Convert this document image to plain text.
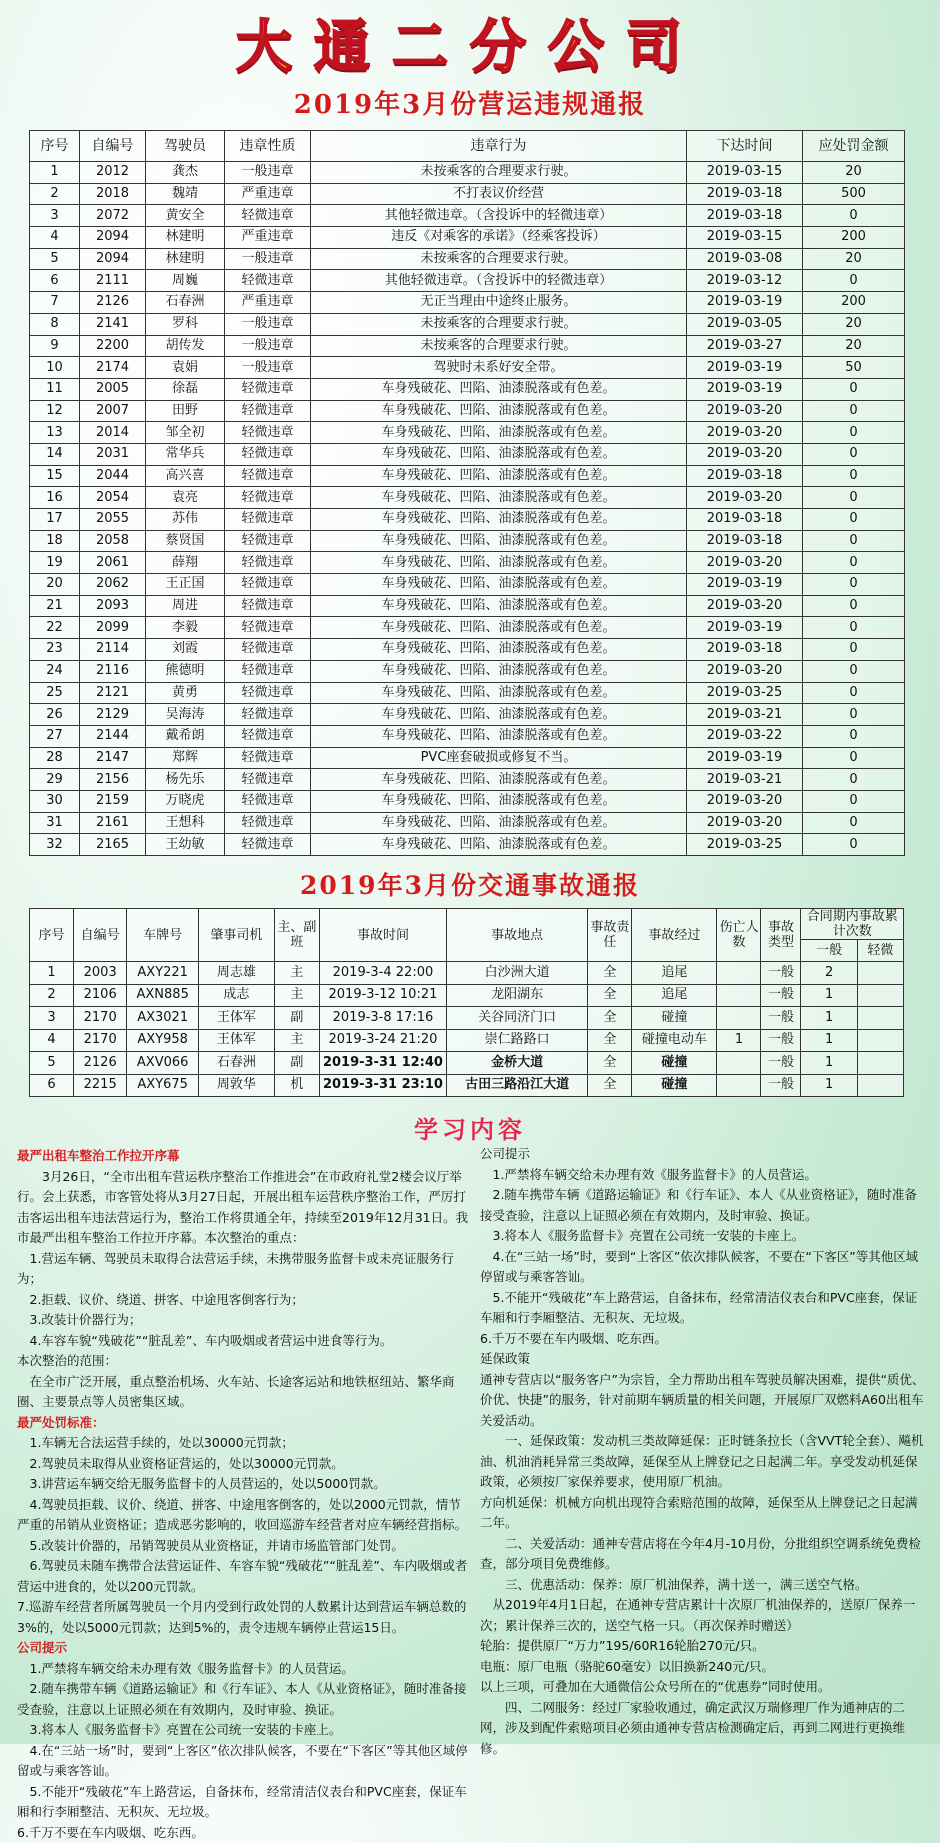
大通二分公司
2019年3月份营运违规通报
序号	自编号	驾驶员	违章性质	违章行为	下达时间	应处罚金额
1	2012	龚杰	一般违章	未按乘客的合理要求行驶。	2019-03-15	20
2	2018	魏靖	严重违章	不打表议价经营	2019-03-18	500
3	2072	黄安全	轻微违章	其他轻微违章。（含投诉中的轻微违章）	2019-03-18	0
4	2094	林建明	严重违章	违反《对乘客的承诺》（经乘客投诉）	2019-03-15	200
5	2094	林建明	一般违章	未按乘客的合理要求行驶。	2019-03-08	20
6	2111	周巍	轻微违章	其他轻微违章。（含投诉中的轻微违章）	2019-03-12	0
7	2126	石春洲	严重违章	无正当理由中途终止服务。	2019-03-19	200
8	2141	罗科	一般违章	未按乘客的合理要求行驶。	2019-03-05	20
9	2200	胡传发	一般违章	未按乘客的合理要求行驶。	2019-03-27	20
10	2174	袁娟	一般违章	驾驶时未系好安全带。	2019-03-19	50
11	2005	徐磊	轻微违章	车身残破花、凹陷、油漆脱落或有色差。	2019-03-19	0
12	2007	田野	轻微违章	车身残破花、凹陷、油漆脱落或有色差。	2019-03-20	0
13	2014	邹全初	轻微违章	车身残破花、凹陷、油漆脱落或有色差。	2019-03-20	0
14	2031	常华兵	轻微违章	车身残破花、凹陷、油漆脱落或有色差。	2019-03-20	0
15	2044	高兴喜	轻微违章	车身残破花、凹陷、油漆脱落或有色差。	2019-03-18	0
16	2054	袁亮	轻微违章	车身残破花、凹陷、油漆脱落或有色差。	2019-03-20	0
17	2055	苏伟	轻微违章	车身残破花、凹陷、油漆脱落或有色差。	2019-03-18	0
18	2058	蔡贤国	轻微违章	车身残破花、凹陷、油漆脱落或有色差。	2019-03-18	0
19	2061	薛翔	轻微违章	车身残破花、凹陷、油漆脱落或有色差。	2019-03-20	0
20	2062	王正国	轻微违章	车身残破花、凹陷、油漆脱落或有色差。	2019-03-19	0
21	2093	周进	轻微违章	车身残破花、凹陷、油漆脱落或有色差。	2019-03-20	0
22	2099	李毅	轻微违章	车身残破花、凹陷、油漆脱落或有色差。	2019-03-19	0
23	2114	刘霞	轻微违章	车身残破花、凹陷、油漆脱落或有色差。	2019-03-18	0
24	2116	熊德明	轻微违章	车身残破花、凹陷、油漆脱落或有色差。	2019-03-20	0
25	2121	黄勇	轻微违章	车身残破花、凹陷、油漆脱落或有色差。	2019-03-25	0
26	2129	吴海涛	轻微违章	车身残破花、凹陷、油漆脱落或有色差。	2019-03-21	0
27	2144	戴希朗	轻微违章	车身残破花、凹陷、油漆脱落或有色差。	2019-03-22	0
28	2147	郑辉	轻微违章	PVC座套破损或修复不当。	2019-03-19	0
29	2156	杨先乐	轻微违章	车身残破花、凹陷、油漆脱落或有色差。	2019-03-21	0
30	2159	万晓虎	轻微违章	车身残破花、凹陷、油漆脱落或有色差。	2019-03-20	0
31	2161	王想科	轻微违章	车身残破花、凹陷、油漆脱落或有色差。	2019-03-20	0
32	2165	王幼敏	轻微违章	车身残破花、凹陷、油漆脱落或有色差。	2019-03-25	0
2019年3月份交通事故通报
序号	自编号	车牌号	肇事司机	主、副班	事故时间	事故地点	事故责任	事故经过	伤亡人数	事故类型	合同期内事故累计次数	
											一般	轻微
1	2003	AXY221	周志雄	主	2019-3-4 22:00	白沙洲大道	全	追尾		一般	2	
2	2106	AXN885	成志	主	2019-3-12 10:21	龙阳湖东	全	追尾		一般	1	
3	2170	AX3021	王体军	副	2019-3-8 17:16	关谷同济门口	全	碰撞		一般	1	
4	2170	AXY958	王体军	主	2019-3-24 21:20	崇仁路路口	全	碰撞电动车	1	一般	1	
5	2126	AXV066	石春洲	副	2019-3-31 12:40	金桥大道	全	碰撞		一般	1	
6	2215	AXY675	周敦华	机	2019-3-31 23:10	古田三路沿江大道	全	碰撞		一般	1	
学习内容

最严出租车整治工作拉开序幕

　　3月26日，“全市出租车营运秩序整治工作推进会”在市政府礼堂2楼会议厅举行。会上获悉，市客管处将从3月27日起，开展出租车运营秩序整治工作，严厉打击客运出租车违法营运行为，整治工作将贯通全年，持续至2019年12月31日。我市最严出租车整治工作拉开序幕。本次整治的重点：

　1.营运车辆、驾驶员未取得合法营运手续，未携带服务监督卡或未亮证服务行为；

　2.拒载、议价、绕道、拼客、中途甩客倒客行为；

　3.改装计价器行为；

　4.车容车貌“残破花”“脏乱差”、车内吸烟或者营运中进食等行为。

本次整治的范围：

　在全市广泛开展，重点整治机场、火车站、长途客运站和地铁枢纽站、繁华商圈、主要景点等人员密集区域。

最严处罚标准：

　1.车辆无合法运营手续的，处以30000元罚款；

　2.驾驶员未取得从业资格证营运的，处以30000元罚款。

　3.讲营运车辆交给无服务监督卡的人员营运的，处以5000罚款。

　4.驾驶员拒载、议价、绕道、拼客、中途甩客倒客的，处以2000元罚款，情节严重的吊销从业资格证；造成恶劣影响的，收回巡游车经营者对应车辆经营指标。

　5.改装计价器的，吊销驾驶员从业资格证，并请市场监管部门处罚。

　6.驾驶员未随车携带合法营运证件、车容车貌“残破花”“脏乱差”、车内吸烟或者营运中进食的，处以200元罚款。

7.巡游车经营者所属驾驶员一个月内受到行政处罚的人数累计达到营运车辆总数的3%的，处以5000元罚款；达到5%的，责令违规车辆停止营运15日。

公司提示

　1.严禁将车辆交给未办理有效《服务监督卡》的人员营运。

　2.随车携带车辆《道路运输证》和《行车证》、本人《从业资格证》，随时准备接受查验，注意以上证照必须在有效期内，及时审验、换证。

　3.将本人《服务监督卡》亮置在公司统一安装的卡座上。

　4.在“三站一场”时，要到“上客区”依次排队候客，不要在“下客区”等其他区域停留或与乘客答讪。

　5.不能开“残破花”车上路营运，自备抹布，经常清洁仪表台和PVC座套，保证车厢和行李厢整洁、无积灰、无垃圾。

6.千万不要在车内吸烟、吃东西。

公司提示

　1.严禁将车辆交给未办理有效《服务监督卡》的人员营运。

　2.随车携带车辆《道路运输证》和《行车证》、本人《从业资格证》，随时准备接受查验，注意以上证照必须在有效期内，及时审验、换证。

　3.将本人《服务监督卡》亮置在公司统一安装的卡座上。

　4.在“三站一场”时，要到“上客区”依次排队候客，不要在“下客区”等其他区域停留或与乘客答讪。

　5.不能开“残破花”车上路营运，自备抹布，经常清洁仪表台和PVC座套，保证车厢和行李厢整洁、无积灰、无垃圾。

6.千万不要在车内吸烟、吃东西。

延保政策

通神专营店以“服务客户”为宗旨，全力帮助出租车驾驶员解决困难，提供“质优、价优、快捷”的服务，针对前期车辆质量的相关问题，开展原厂双燃料A60出租车关爱活动。

　　一、延保政策：发动机三类故障延保：正时链条拉长（含VVT轮全套）、飚机油、机油消耗异常三类故障，延保至从上牌登记之日起满二年。享受发动机延保政策，必须按厂家保养要求，使用原厂机油。

方向机延保：机械方向机出现符合索赔范围的故障，延保至从上牌登记之日起满二年。

　　二、关爱活动：通神专营店将在今年4月-10月份，分批组织空调系统免费检查，部分项目免费维修。

　　三、优惠活动：保养：原厂机油保养，满十送一，满三送空气格。

　从2019年4月1日起，在通神专营店累计十次原厂机油保养的，送原厂保养一次；累计保养三次的，送空气格一只。（再次保养时赠送）

轮胎：提供原厂“万力”195/60R16轮胎270元/只。

电瓶：原厂电瓶（骆驼60毫安）以旧换新240元/只。

以上三项，可叠加在大通微信公众号所在的“优惠券”同时使用。

　　四、二网服务：经过厂家验收通过，确定武汉万瑞修理厂作为通神店的二网，涉及到配件索赔项目必须由通神专营店检测确定后，再到二网进行更换维修。
